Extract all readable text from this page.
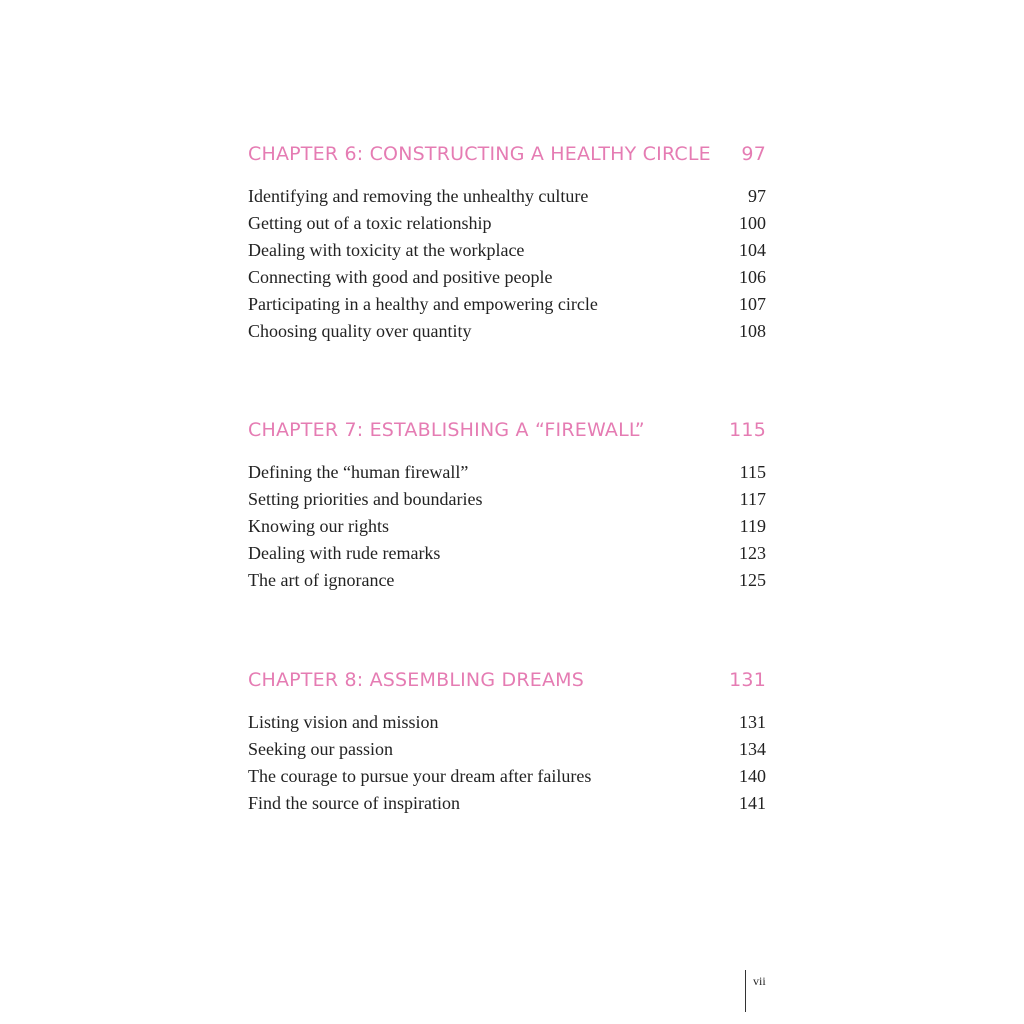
CHAPTER 6: CONSTRUCTING A HEALTHY CIRCLE 97
Identifying and removing the unhealthy culture	97
Getting out of a toxic relationship	100
Dealing with toxicity at the workplace	104
Connecting with good and positive people	106
Participating in a healthy and empowering circle	107
Choosing quality over quantity	108
CHAPTER 7: ESTABLISHING A “FIREWALL”	115
Defining the “human firewall”	115
Setting priorities and boundaries	117
Knowing our rights	119
Dealing with rude remarks	123
The art of ignorance	125
CHAPTER 8: ASSEMBLING DREAMS	131
Listing vision and mission	131
Seeking our passion	134
The courage to pursue your dream after failures	140
Find the source of inspiration	141
vii
